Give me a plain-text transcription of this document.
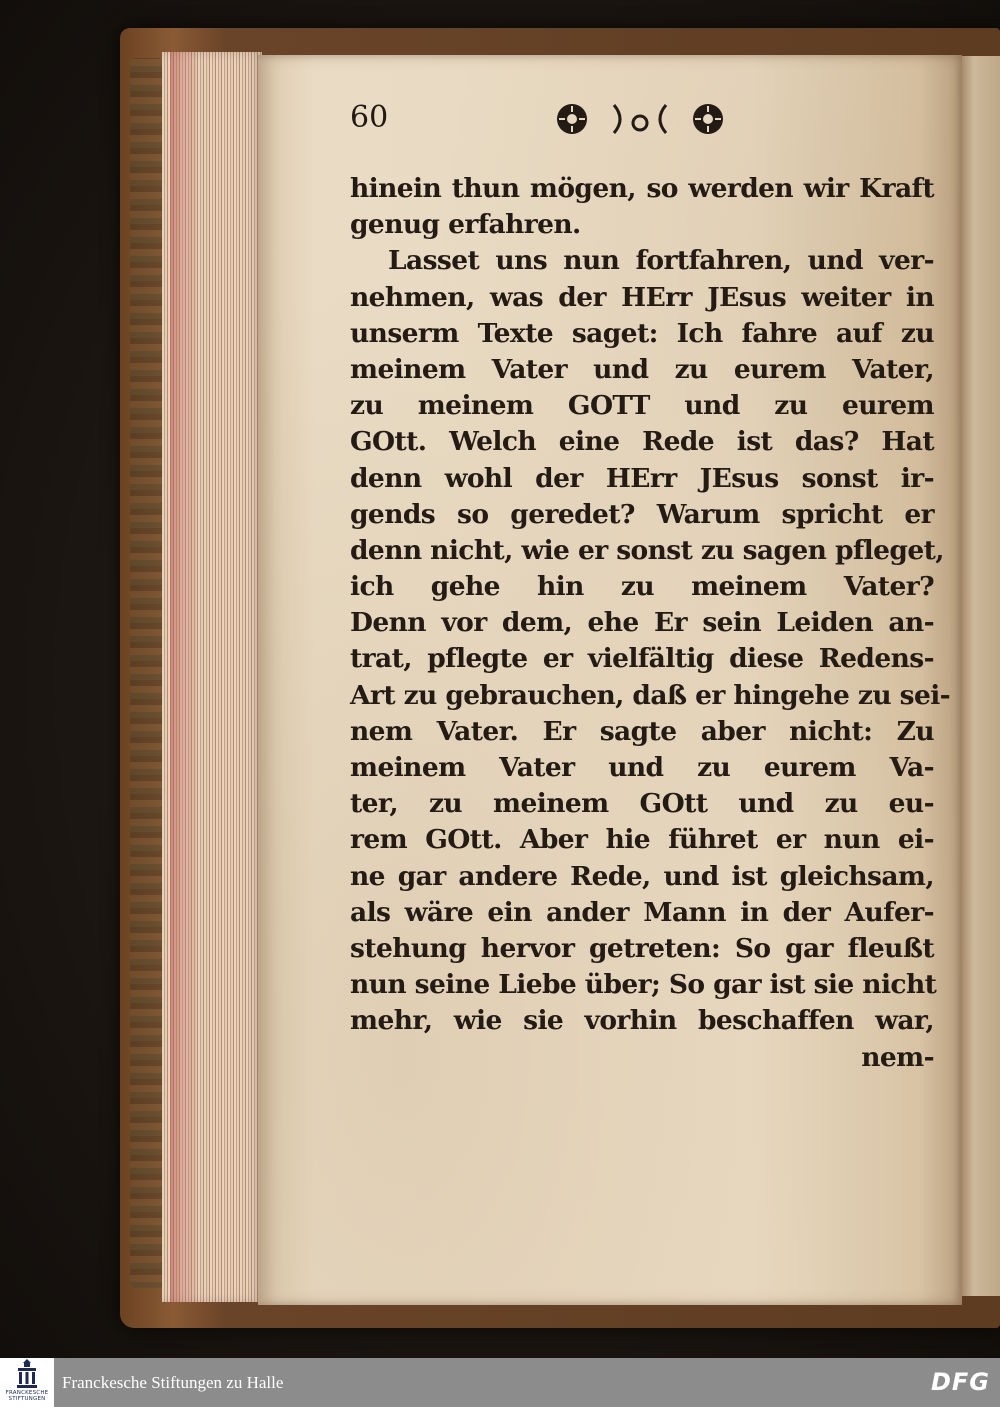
60
hinein thun mögen, so werden wir Kraft
genug erfahren.
Lasset uns nun fortfahren, und ver-
nehmen, was der HErr JEsus weiter in
unserm Texte saget: Ich fahre auf zu
meinem Vater und zu eurem Vater,
zu meinem GOTT und zu eurem
GOtt. Welch eine Rede ist das? Hat
denn wohl der HErr JEsus sonst ir-
gends so geredet? Warum spricht er
denn nicht, wie er sonst zu sagen pfleget,
ich gehe hin zu meinem Vater?
Denn vor dem, ehe Er sein Leiden an-
trat, pflegte er vielfältig diese Redens-
Art zu gebrauchen, daß er hingehe zu sei-
nem Vater. Er sagte aber nicht: Zu
meinem Vater und zu eurem Va-
ter, zu meinem GOtt und zu eu-
rem GOtt. Aber hie führet er nun ei-
ne gar andere Rede, und ist gleichsam,
als wäre ein ander Mann in der Aufer-
stehung hervor getreten: So gar fleußt
nun seine Liebe über; So gar ist sie nicht
mehr, wie sie vorhin beschaffen war,
nem-
FRANCKESCHE STIFTUNGEN
Franckesche Stiftungen zu Halle	DFG
